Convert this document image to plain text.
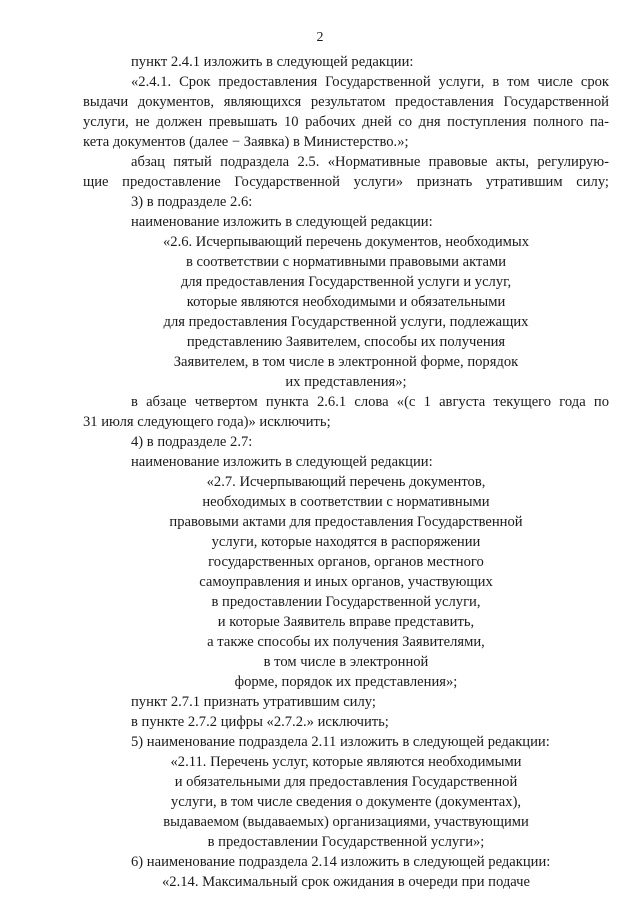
2
пункт 2.4.1 изложить в следующей редакции:
«2.4.1. Срок предоставления Государственной услуги, в том числе срок
выдачи документов, являющихся результатом предоставления Государственной
услуги, не должен превышать 10 рабочих дней со дня поступления полного па-
кета документов (далее − Заявка) в Министерство.»;
абзац пятый подраздела 2.5. «Нормативные правовые акты, регулирую-
щие предоставление Государственной услуги» признать утратившим силу;
3) в подразделе 2.6:
наименование изложить в следующей редакции:
«2.6. Исчерпывающий перечень документов, необходимых
в соответствии с нормативными правовыми актами
для предоставления Государственной услуги и услуг,
которые являются необходимыми и обязательными
для предоставления Государственной услуги, подлежащих
представлению Заявителем, способы их получения
Заявителем, в том числе в электронной форме, порядок
их представления»;
в абзаце четвертом пункта 2.6.1 слова «(с 1 августа текущего года по
31 июля следующего года)» исключить;
4) в подразделе 2.7:
наименование изложить в следующей редакции:
«2.7. Исчерпывающий перечень документов,
необходимых в соответствии с нормативными
правовыми актами для предоставления Государственной
услуги, которые находятся в распоряжении
государственных органов, органов местного
самоуправления и иных органов, участвующих
в предоставлении Государственной услуги,
и которые Заявитель вправе представить,
а также способы их получения Заявителями,
в том числе в электронной
форме, порядок их представления»;
пункт 2.7.1 признать утратившим силу;
в пункте 2.7.2 цифры «2.7.2.» исключить;
5) наименование подраздела 2.11 изложить в следующей редакции:
«2.11. Перечень услуг, которые являются необходимыми
и обязательными для предоставления Государственной
услуги, в том числе сведения о документе (документах),
выдаваемом (выдаваемых) организациями, участвующими
в предоставлении Государственной услуги»;
6) наименование подраздела 2.14 изложить в следующей редакции:
«2.14. Максимальный срок ожидания в очереди при подаче
